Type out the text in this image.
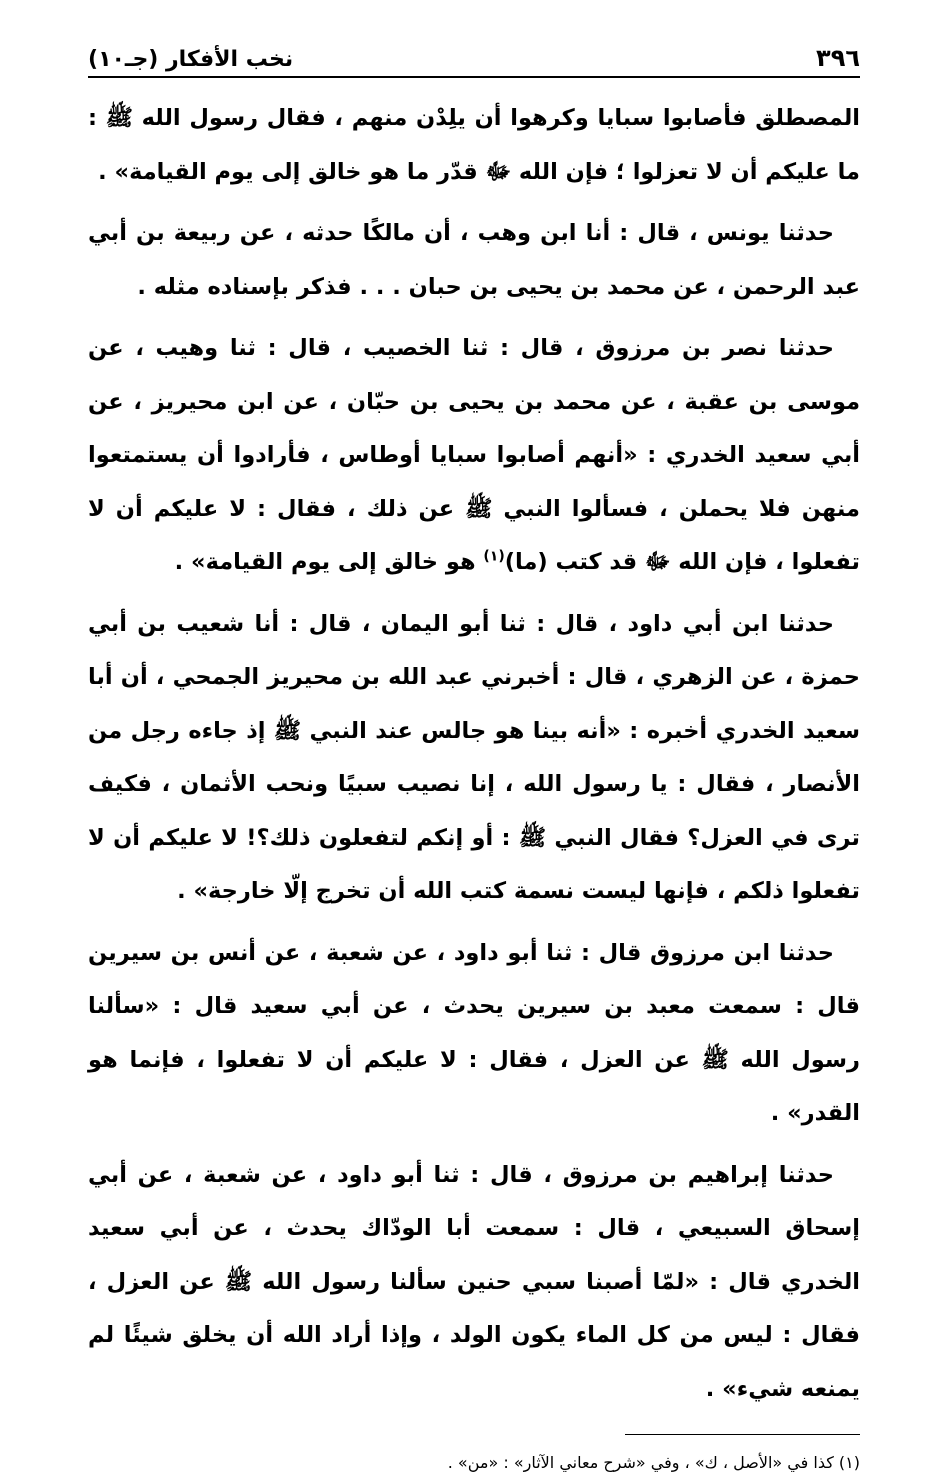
٣٩٦
نخب الأفكار (جـ١٠)

المصطلق فأصابوا سبايا وكرهوا أن يلِدْن منهم ، فقال رسول الله ﷺ : ما عليكم أن لا تعزلوا ؛ فإن الله ﷻ قدّر ما هو خالق إلى يوم القيامة» .

حدثنا يونس ، قال : أنا ابن وهب ، أن مالكًا حدثه ، عن ربيعة بن أبي عبد الرحمن ، عن محمد بن يحيى بن حبان . . . فذكر بإسناده مثله .

حدثنا نصر بن مرزوق ، قال : ثنا الخصيب ، قال : ثنا وهيب ، عن موسى بن عقبة ، عن محمد بن يحيى بن حبّان ، عن ابن محيريز ، عن أبي سعيد الخدري : «أنهم أصابوا سبايا أوطاس ، فأرادوا أن يستمتعوا منهن فلا يحملن ، فسألوا النبي ﷺ عن ذلك ، فقال : لا عليكم أن لا تفعلوا ، فإن الله ﷻ قد كتب (ما)$^{(١)}$ هو خالق إلى يوم القيامة» .

حدثنا ابن أبي داود ، قال : ثنا أبو اليمان ، قال : أنا شعيب بن أبي حمزة ، عن الزهري ، قال : أخبرني عبد الله بن محيريز الجمحي ، أن أبا سعيد الخدري أخبره : «أنه بينا هو جالس عند النبي ﷺ إذ جاءه رجل من الأنصار ، فقال : يا رسول الله ، إنا نصيب سبيًا ونحب الأثمان ، فكيف ترى في العزل؟ فقال النبي ﷺ : أو إنكم لتفعلون ذلك؟! لا عليكم أن لا تفعلوا ذلكم ، فإنها ليست نسمة كتب الله أن تخرج إلّا خارجة» .

حدثنا ابن مرزوق قال : ثنا أبو داود ، عن شعبة ، عن أنس بن سيرين قال : سمعت معبد بن سيرين يحدث ، عن أبي سعيد قال : «سألنا رسول الله ﷺ عن العزل ، فقال : لا عليكم أن لا تفعلوا ، فإنما هو القدر» .

حدثنا إبراهيم بن مرزوق ، قال : ثنا أبو داود ، عن شعبة ، عن أبي إسحاق السبيعي ، قال : سمعت أبا الودّاك يحدث ، عن أبي سعيد الخدري قال : «لمّا أصبنا سبي حنين سألنا رسول الله ﷺ عن العزل ، فقال : ليس من كل الماء يكون الولد ، وإذا أراد الله أن يخلق شيئًا لم يمنعه شيء» .

(١) كذا في «الأصل ، ك» ، وفي «شرح معاني الآثار» : «من» .
